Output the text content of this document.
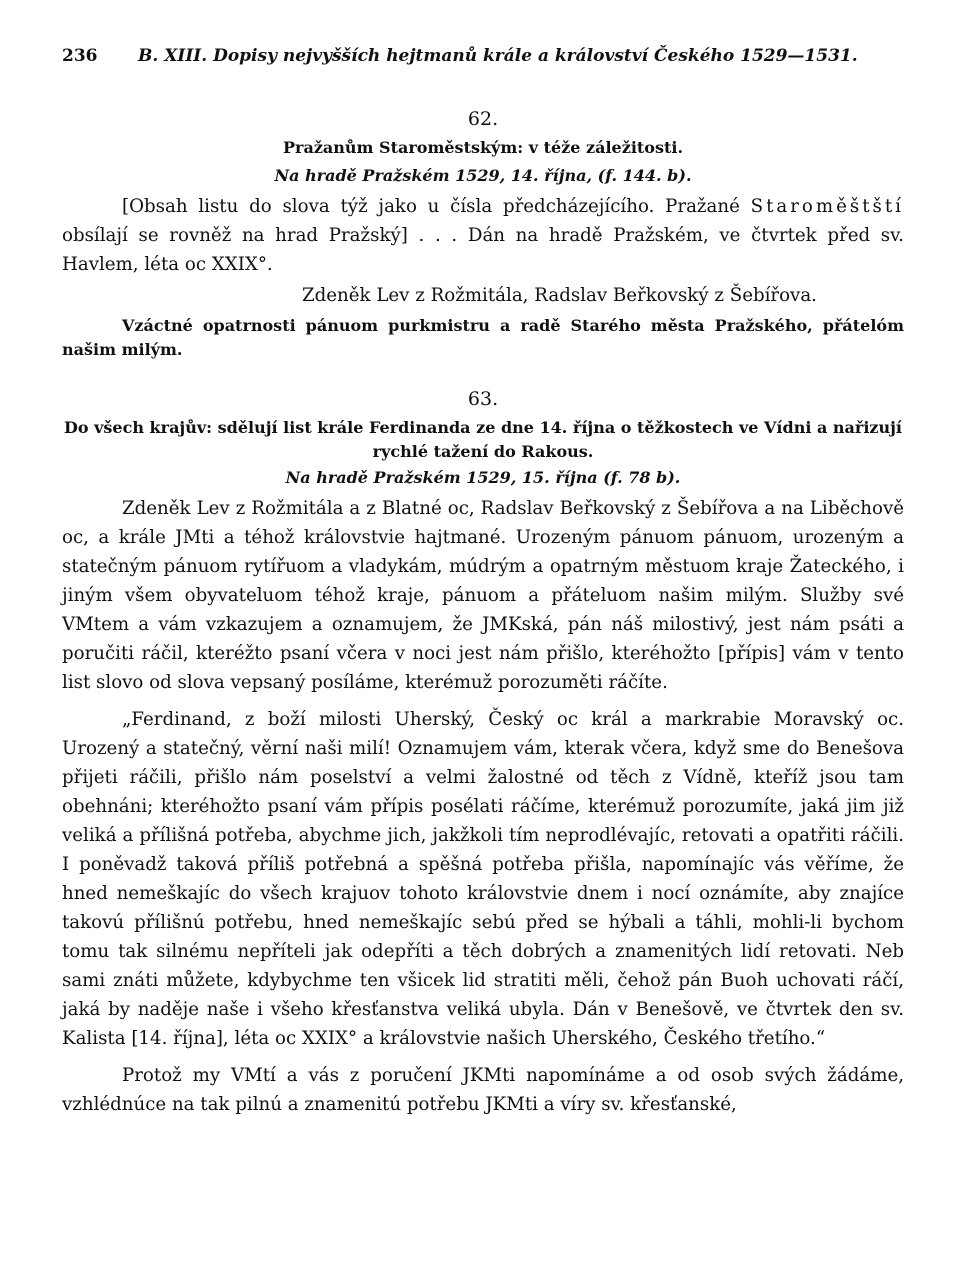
236	B. XIII. Dopisy nejvyšších hejtmanů krále a království Českého 1529—1531.
62.
Pražanům Staroměstským: v téže záležitosti.
Na hradě Pražském 1529, 14. října, (f. 144. b).

[Obsah listu do slova týž jako u čísla předcházejícího. Pražané Staroměštští obsílají se rovněž na hrad Pražský] . . . Dán na hradě Pražském, ve čtvrtek před sv. Havlem, léta oc XXIX°.

Zdeněk Lev z Rožmitála, Radslav Beřkovský z Šebířova.

Vzáctné opatrnosti pánuom purkmistru a radě Starého města Pražského, přátelóm našim milým.

63.
Do všech krajův: sdělují list krále Ferdinanda ze dne 14. října o těžkostech ve Vídni a nařizují rychlé tažení do Rakous.
Na hradě Pražském 1529, 15. října (f. 78 b).

Zdeněk Lev z Rožmitála a z Blatné oc, Radslav Beřkovský z Šebířova a na Liběchově oc, a krále JMti a téhož královstvie hajtmané. Urozeným pánuom pánuom, urozeným a statečným pánuom rytířuom a vladykám, múdrým a opatrným městuom kraje Žateckého, i jiným všem obyvateluom téhož kraje, pánuom a přáteluom našim milým. Služby své VMtem a vám vzkazujem a oznamujem, že JMKská, pán náš milostivý, jest nám psáti a poručiti ráčil, kteréžto psaní včera v noci jest nám přišlo, kteréhožto [přípis] vám v tento list slovo od slova vepsaný posíláme, kterémuž porozuměti ráčíte.

„Ferdinand, z boží milosti Uherský, Český oc král a markrabie Moravský oc. Urozený a statečný, věrní naši milí! Oznamujem vám, kterak včera, když sme do Benešova přijeti ráčili, přišlo nám poselství a velmi žalostné od těch z Vídně, kteříž jsou tam obehnáni; kteréhožto psaní vám přípis posélati ráčíme, kterémuž porozumíte, jaká jim již veliká a přílišná potřeba, abychme jich, jakžkoli tím neprodlévajíc, retovati a opatřiti ráčili. I poněvadž taková příliš potřebná a spěšná potřeba přišla, napomínajíc vás věříme, že hned nemeškajíc do všech krajuov tohoto královstvie dnem i nocí oznámíte, aby znajíce takovú přílišnú potřebu, hned nemeškajíc sebú před se hýbali a táhli, mohli-li bychom tomu tak silnému nepříteli jak odepříti a těch dobrých a znamenitých lidí retovati. Neb sami znáti můžete, kdybychme ten všicek lid stratiti měli, čehož pán Buoh uchovati ráčí, jaká by naděje naše i všeho křesťanstva veliká ubyla. Dán v Benešově, ve čtvrtek den sv. Kalista [14. října], léta oc XXIX° a královstvie našich Uherského, Českého třetího.“

Protož my VMtí a vás z poručení JKMti napomínáme a od osob svých žádáme, vzhlédnúce na tak pilnú a znamenitú potřebu JKMti a víry sv. křesťanské,
